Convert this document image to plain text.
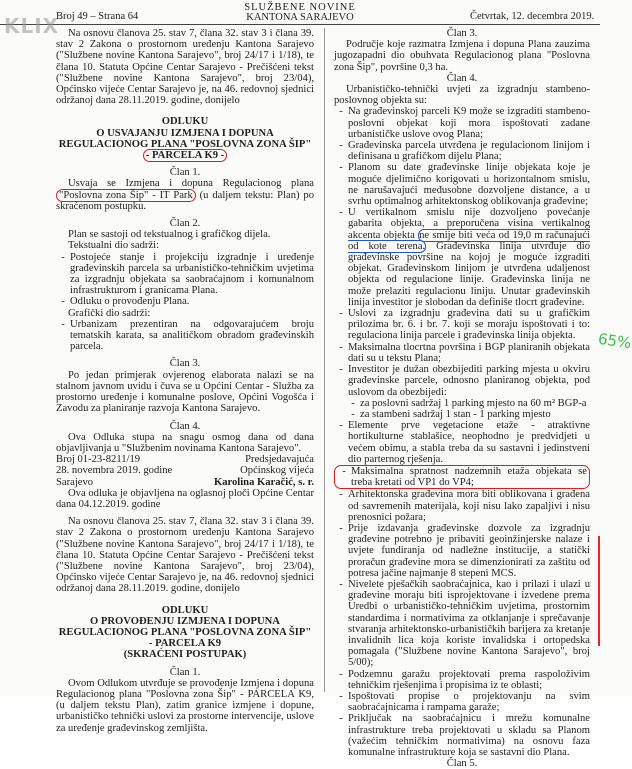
Broj 49 – Strana 64
SLUŽBENE NOVINE
KANTONA SARAJEVO	Četvrtak, 12. decembra 2019.
KLIX Na osnovu članova 25. stav 7, člana 32. stav 3 i člana 39. stav 2 Zakona o prostornom uređenju Kantona Sarajevo ("Službene novine Kantona Sarajevo", broj 24/17 i 1/18), te člana 10. Statuta Općine Centar Sarajevo - Prečišćeni tekst ("Službene novine Kantona Sarajevo", broj 23/04), Općinsko vijeće Centar Sarajevo je, na 46. redovnoj sjednici održanoj dana 28.11.2019. godine, donijelo

ODLUKU

O USVAJANJU IZMJENA I DOPUNA REGULACIONOG PLANA "POSLOVNA ZONA ŠIP"

- PARCELA K9 -

Član 1.

Usvaja se Izmjena i dopuna Regulacionog plana "Poslovna zona Šip" - IT Park (u daljem tekstu: Plan) po skraćenom postupku.

Član 2.

Plan se sastoji od tekstualnog i grafičkog dijela.

Tekstualni dio sadrži:

- Postojeće stanje i projekciju izgradnje i uređenje građevinskih parcela sa urbanističko-tehničkim uvjetima za izgradnju objekata sa saobraćajnom i komunalnom infrastrukturom i granicama Plana.
- Odluku o provođenju Plana.

Grafički dio sadrži:

- Urbanizam prezentiran na odgovarajućem broju tematskih karata, sa analitičkom obradom građevinskih parcela.

Član 3.

Po jedan primjerak ovjerenog elaborata nalazi se na stalnom javnom uvidu i čuva se u Općini Centar - Služba za prostorno uređenje i komunalne poslove, Općini Vogošća i Zavodu za planiranje razvoja Kantona Sarajevo.

Član 4.

Ova Odluka stupa na snagu osmog dana od dana objavljivanja u "Službenim novinama Kantona Sarajevo".

Broj 01-23-8211/19	Predsjedavajuća
28. novembra 2019. godine	Općinskog vijeća
Sarajevo	Karolina Karačić, s. r.

Ova odluka je objavljena na oglasnoj ploči Općine Centar dana 04.12.2019. godine

Na osnovu članova 25. stav 7, člana 32. stav 3 i člana 39. stav 2 Zakona o prostornom uređenju Kantona Sarajevo ("Službene novine Kantona Sarajevo", broj 24/17 i 1/18), te člana 10. Statuta Općine Centar Sarajevo - Prečišćeni tekst ("Službene novine Kantona Sarajevo", broj 23/04), Općinsko vijeće Centar Sarajevo je, na 46. redovnoj sjednici održanoj dana 28.11.2019. godine, donijelo

ODLUKU

O PROVOĐENJU IZMJENA I DOPUNA REGULACIONOG PLANA "POSLOVNA ZONA ŠIP" - PARCELA K9

(SKRAĆENI POSTUPAK)

Član 1.

Ovom Odlukom utvrđuje se provođenje Izmjena i dopuna Regulacionog plana "Poslovna zona Šip" - PARCELA K9, (u daljem tekstu Plan), zatim granice izmjene i dopune, urbanističko tehnički uslovi za prostorne intervencije, uslove za uređenje građevinskog zemljišta.

Član 3.

Područje koje razmatra Izmjena i dopuna Plana zauzima jugozapadni dio obuhvata Regulacionog plana "Poslovna zona Šip", površine 0,3 ha.

Član 4.

Urbanističko-tehnički uvjeti za izgradnju stambeno-poslovnog objekta su:

- Na građevinskoj parceli K9 može se izgraditi stambeno-poslovni objekat koji mora ispoštovati zadane urbanističke uslove ovog Plana;
- Građevinska parcela utvrđena je regulacionom linijom i definisana u grafičkom dijelu Plana;
- Planom su date građevinske linije objekata koje je moguće djelimično korigovati u horizontalnom smislu, ne narušavajući međusobne dozvoljene distance, a u svrhu optimalnog arhitektonskog oblikovanja građevine;
- U vertikalnom smislu nije dozvoljeno povećanje gabarita objekta, a preporučena visina vertikalnog akcenta objekta ne smije biti veća od 19,0 m računajući od kote terena. Građevinska linija utvrđuje dio građevinske površine na kojoj je moguće izgraditi objekat. Građevinskom linijom je utvrđena udaljenost objekta od regulacione linije. Građevinska linija ne može prelaziti regulacionu liniju. Unutar građevinskih linija investitor je slobodan da definiše tlocrt građevine.
- Uslovi za izgradnju građevina dati su u grafičkim prilozima br. 6. i br. 7. koji se moraju ispoštovati i to: regulaciona linija parcele i građevinska linija objekta.
- Maksimalna tlocrtna površina i BGP planiranih objekata dati su u tekstu Plana;
- Investitor je dužan obezbijediti parking mjesta u okviru građevinske parcele, odnosno planiranog objekta, pod uslovom da obezbijedi:
- za poslovni sadržaj 1 parking mjesto na 60 m² BGP-a
- za stambeni sadržaj 1 stan - 1 parking mjesto
- Elemente prve vegetacione etaže - atraktivne hortikulturne stablašice, neophodno je predvidjeti u većem obimu, a stabla treba da su sastavni i jedinstveni dio parternog rješenja.
- Maksimalna spratnost nadzemnih etaža objekata se treba kretati od VP1 do VP4;
- Arhitektonska građevina mora biti oblikovana i građena od savremenih materijala, koji nisu lako zapaljivi i nisu prenosnici požara;
- Prije izdavanja građevinske dozvole za izgradnju građevine potrebno je pribaviti geoinžinjerske nalaze i uvjete fundiranja od nadležne institucije, a statički proračun građevine mora se dimenzionirati za zaštitu od potresa jačine najmanje 8 stepeni MCS.
- Nivelete pješačkih saobraćajnica, kao i prilazi i ulazi u građevine moraju biti isprojektovane i izvedene prema Uredbi o urbanističko-tehničkim uvjetima, prostornim standardima i normativima za otklanjanje i sprečavanje stvaranja arhitektonsko-urbanističkih barijera za kretanje invalidnih lica koja koriste invalidska i ortopedska pomagala ("Službene novine Kantona Sarajevo", broj 5/00);
- Podzemnu garažu projektovati prema raspoloživim tehničkim rješenjima i propisima iz te oblasti;
- Ispoštovati propise o projektovanju na svim saobraćajnicama i rampama garaže;
- Priključak na saobraćajnicu i mrežu komunalne infrastrukture treba projektovati u skladu sa Planom (važećim tehničkim normativima) na osnovu faza komunalne infrastrukture koja se sastavni dio Plana.

Član 5.

65%
